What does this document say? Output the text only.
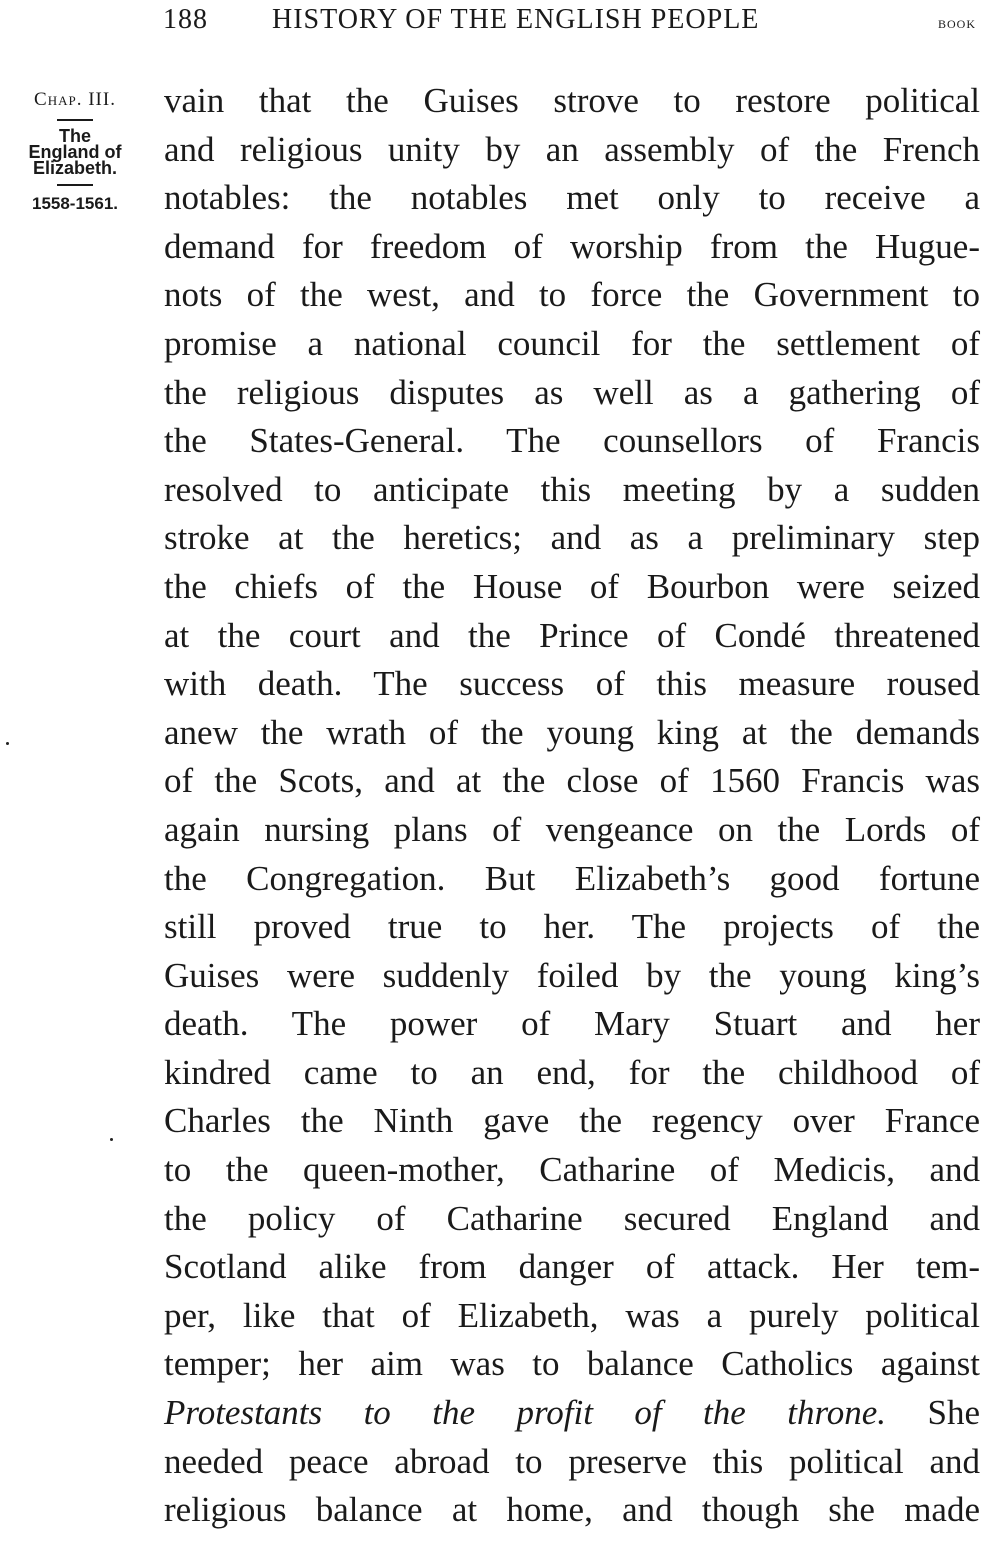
188 HISTORY OF THE ENGLISH PEOPLE	book
Chap. III.
The
England of
Elizabeth.
1558-1561.
vain that the Guises strove to restore political
and religious unity by an assembly of the French
notables: the notables met only to receive a
demand for freedom of worship from the Hugue-
nots of the west, and to force the Government to
promise a national council for the settlement of
the religious disputes as well as a gathering of
the States-General. The counsellors of Francis
resolved to anticipate this meeting by a sudden
stroke at the heretics; and as a preliminary step
the chiefs of the House of Bourbon were seized
at the court and the Prince of Condé threatened
with death. The success of this measure roused
anew the wrath of the young king at the demands
of the Scots, and at the close of 1560 Francis was
again nursing plans of vengeance on the Lords of
the Congregation. But Elizabeth’s good fortune
still proved true to her. The projects of the
Guises were suddenly foiled by the young king’s
death. The power of Mary Stuart and her
kindred came to an end, for the childhood of
Charles the Ninth gave the regency over France
to the queen-mother, Catharine of Medicis, and
the policy of Catharine secured England and
Scotland alike from danger of attack. Her tem-
per, like that of Elizabeth, was a purely political
temper; her aim was to balance Catholics against
Protestants to the profit of the throne. She
needed peace abroad to preserve this political and
religious balance at home, and though she made
